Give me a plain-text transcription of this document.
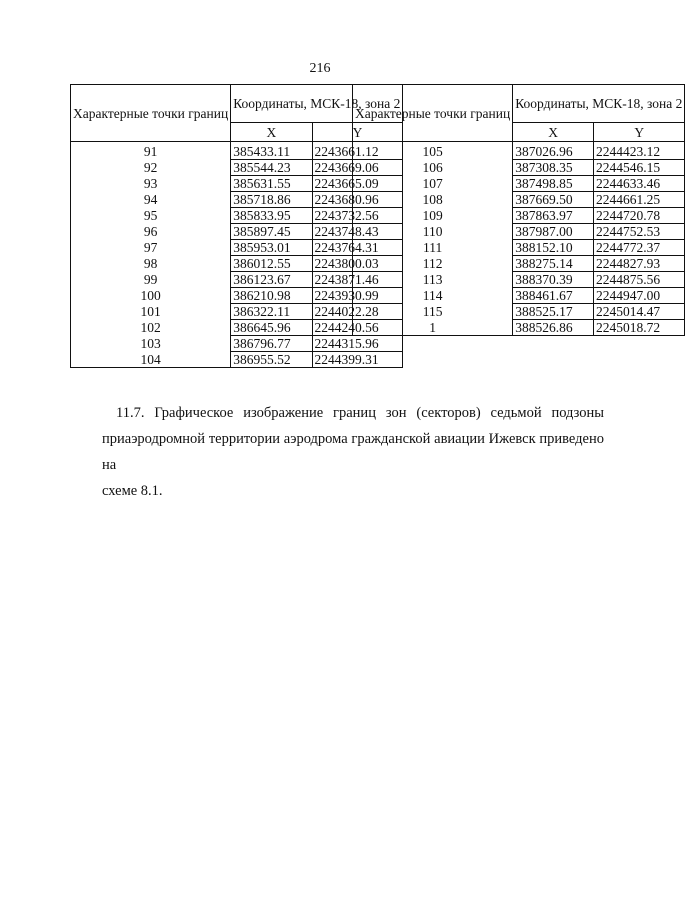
216
Характерные точки границ	Координаты, МСК-18, зона 2	
	X	Y
91	385433.11	2243661.12
92	385544.23	2243669.06
93	385631.55	2243665.09
94	385718.86	2243680.96
95	385833.95	2243732.56
96	385897.45	2243748.43
97	385953.01	2243764.31
98	386012.55	2243800.03
99	386123.67	2243871.46
100	386210.98	2243930.99
101	386322.11	2244022.28
102	386645.96	2244240.56
103	386796.77	2244315.96
104	386955.52	2244399.31
Характерные точки границ	Координаты, МСК-18, зона 2	
	X	Y
105	387026.96	2244423.12
106	387308.35	2244546.15
107	387498.85	2244633.46
108	387669.50	2244661.25
109	387863.97	2244720.78
110	387987.00	2244752.53
111	388152.10	2244772.37
112	388275.14	2244827.93
113	388370.39	2244875.56
114	388461.67	2244947.00
115	388525.17	2245014.47
1	388526.86	2245018.72
11.7. Графическое изображение границ зон (секторов) седьмой подзоны
приаэродромной территории аэродрома гражданской авиации Ижевск приведено на
схеме 8.1.
